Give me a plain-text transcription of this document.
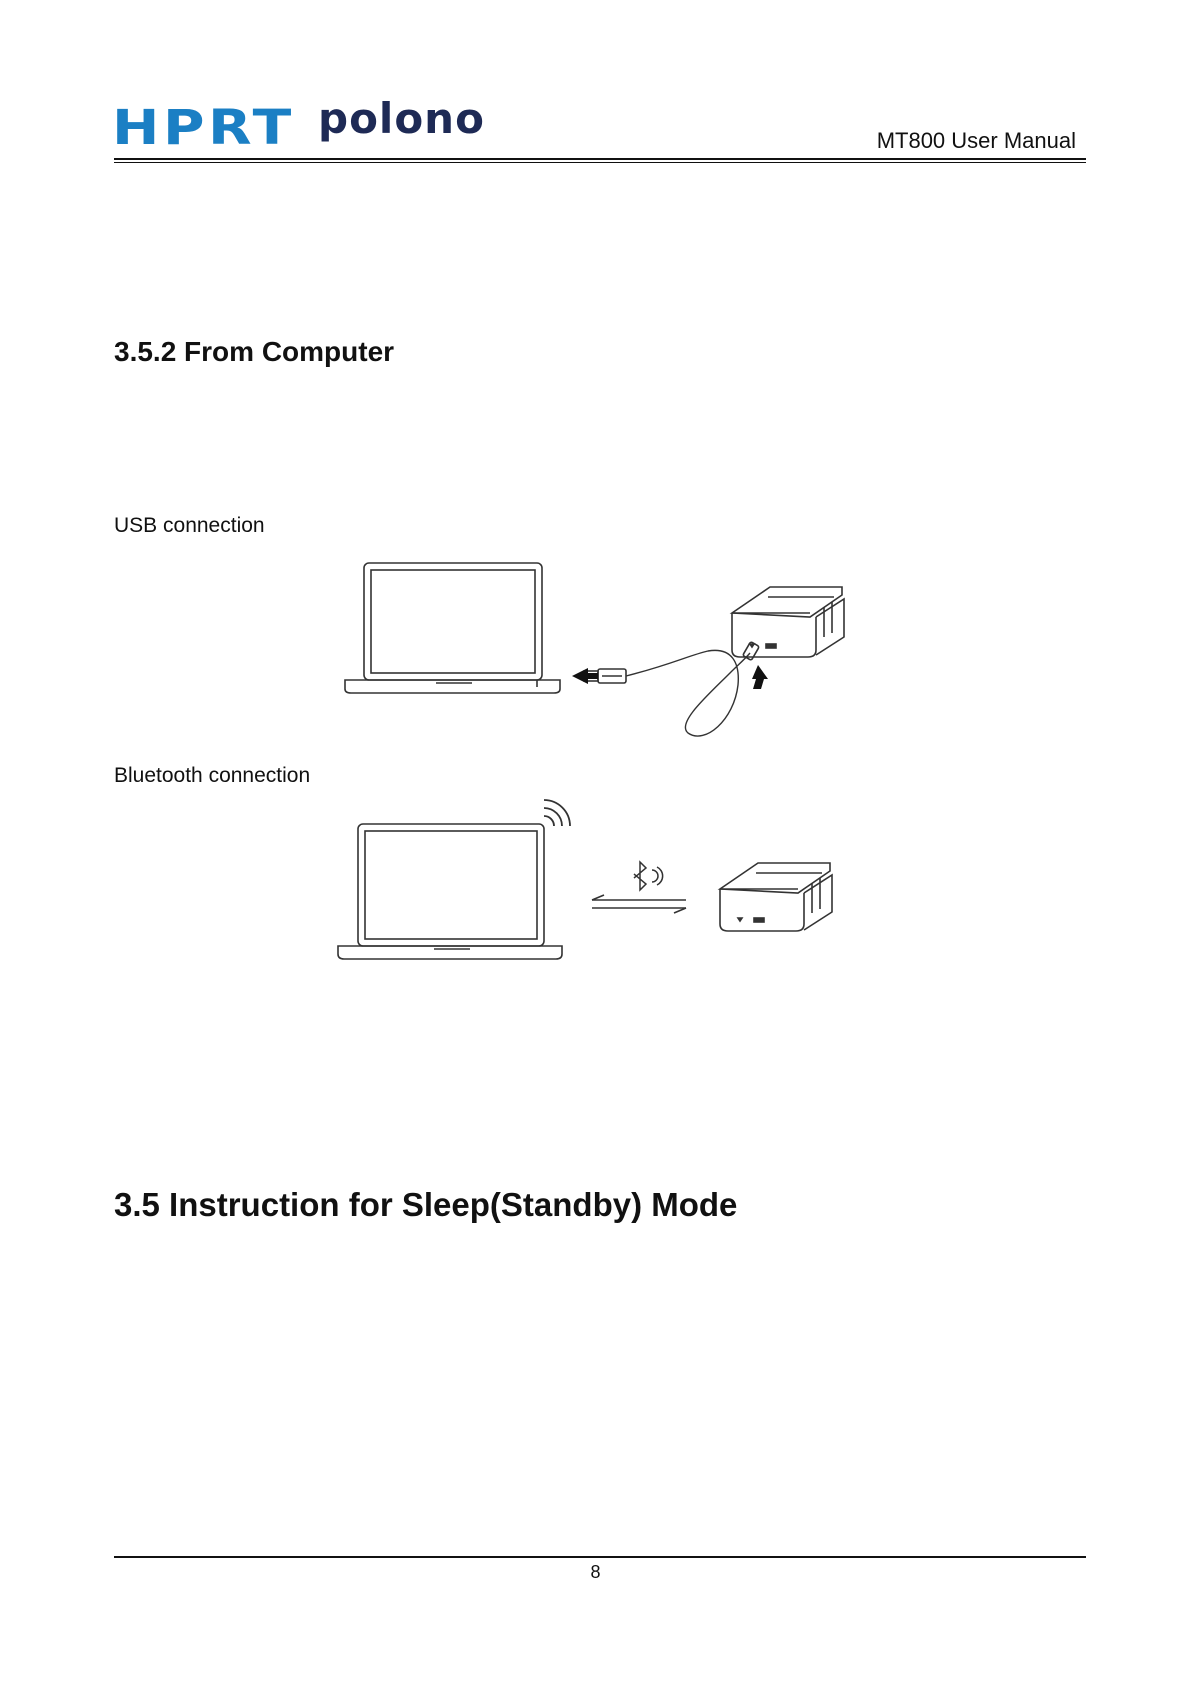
HPRT polono	MT800 User Manual
3.5.2 From Computer
USB connection
Bluetooth connection
3.5 Instruction for Sleep(Standby) Mode
8
